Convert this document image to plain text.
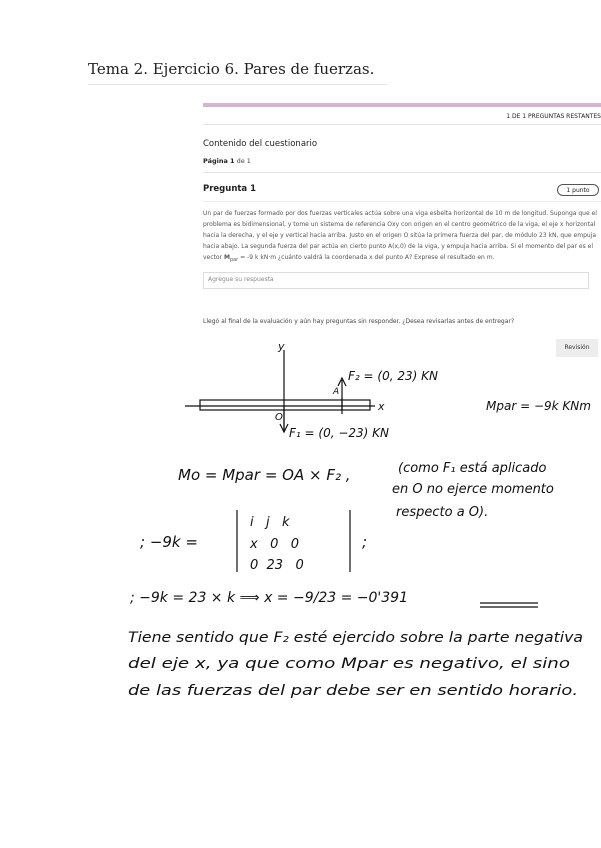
Tema 2. Ejercicio 6. Pares de fuerzas.
1 DE 1 PREGUNTAS RESTANTES
Contenido del cuestionario
Página 1 de 1
Pregunta 1	1 punto
Un par de fuerzas formado por dos fuerzas verticales actúa sobre una viga esbelta horizontal de 10 m de longitud. Suponga que el problema es bidimensional, y tome un sistema de referencia Oxy con origen en el centro geométrico de la viga, el eje x horizontal hacia la derecha, y el eje y vertical hacia arriba. Justo en el origen O sitúa la primera fuerza del par, de módulo 23 kN, que empuja hacia abajo. La segunda fuerza del par actúa en cierto punto A(x,0) de la viga, y empuja hacia arriba. Si el momento del par es el vector $M_{par} = -9$ k kN·m ¿cuánto valdrá la coordenada x del punto A? Exprese el resultado en m.
Agregue su respuesta
Llegó al final de la evaluación y aún hay preguntas sin responder. ¿Desea revisarlas antes de entregar?
Revisión
y
x
O
A
F₂ = (0, 23) KN
F₁ = (0, −23) KN
Mpar = −9k KNm
Mo = Mpar = OA × F₂ ,	(como F₁ está aplicado
en O no ejerce momento
respecto a O).
; −9k =
i   j   k
x   0   0
0  23   0
;
; −9k = 23 × k ⟹ x = −9/23 = −0'391
Tiene sentido que F₂ esté ejercido sobre la parte negativa
del eje x, ya que como Mpar es negativo, el sino
de las fuerzas del par debe ser en sentido horario.
